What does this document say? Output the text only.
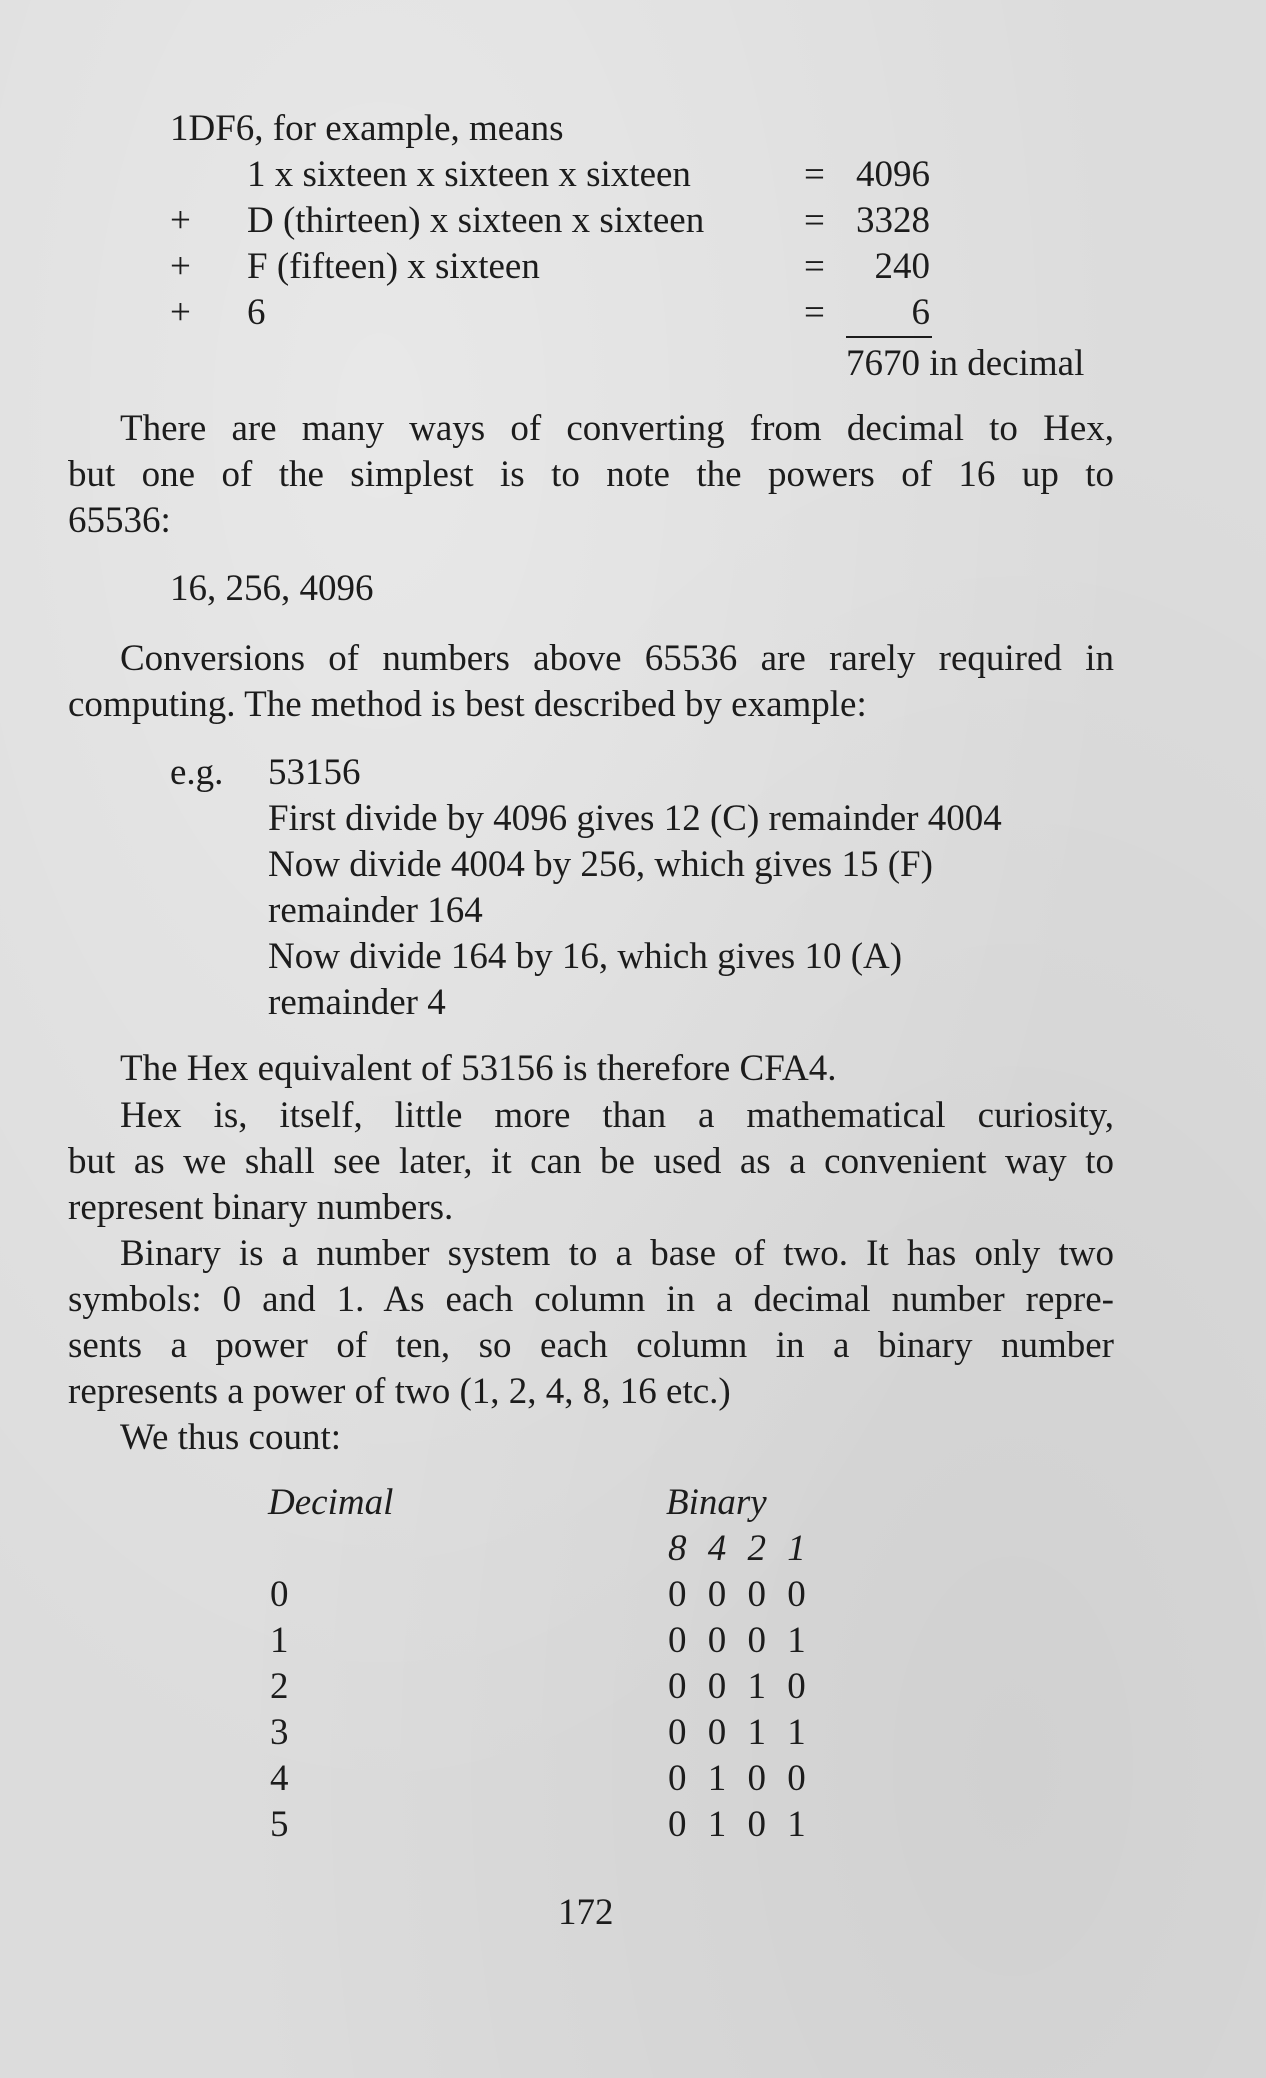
1DF6, for example, means
1 x sixteen x sixteen x sixteen	= 4096
+ D (thirteen) x sixteen x sixteen	= 3328
+ F (fifteen) x sixteen	=	240
+ 6	=	6
7670 in decimal
There are many ways of converting from decimal to Hex,
but one of the simplest is to note the powers of 16 up to
65536:
16, 256, 4096
Conversions of numbers above 65536 are rarely required in
computing. The method is best described by example:
e.g. 53156
First divide by 4096 gives 12 (C) remainder 4004
Now divide 4004 by 256, which gives 15 (F)
remainder 164
Now divide 164 by 16, which gives 10 (A)
remainder 4
The Hex equivalent of 53156 is therefore CFA4.
Hex is, itself, little more than a mathematical curiosity,
but as we shall see later, it can be used as a convenient way to
represent binary numbers.
Binary is a number system to a base of two. It has only two
symbols: 0 and 1. As each column in a decimal number repre-
sents a power of ten, so each column in a binary number
represents a power of two (1, 2, 4, 8, 16 etc.)
We thus count:
Decimal	Binary
8 4 2 1
0	0 0 0 0
1	0 0 0 1
2	0 0 1 0
3	0 0 1 1
4	0 1 0 0
5	0 1 0 1
172
